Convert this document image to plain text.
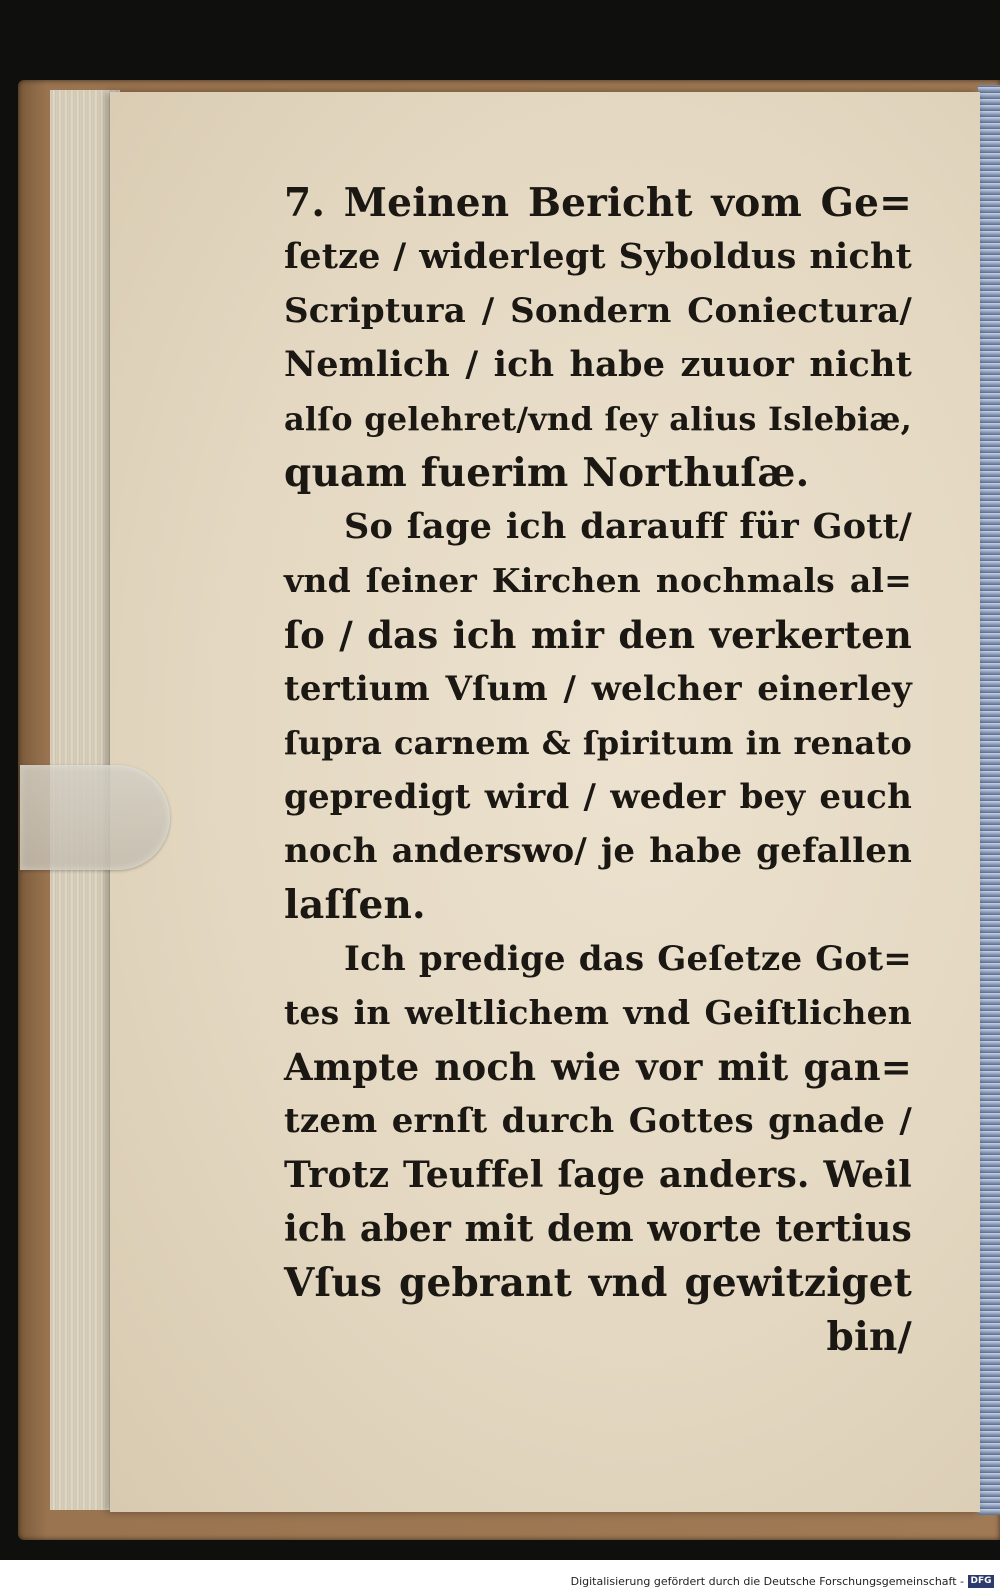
7. Meinen Bericht vom Ge=
ſetze / widerlegt Syboldus nicht
Scriptura / Sondern Coniectura/
Nemlich / ich habe zuuor nicht
alſo gelehret/vnd ſey alius Islebiæ,
quam fuerim Northuſæ.
So ſage ich darauff für Gott/
vnd ſeiner Kirchen nochmals al=
ſo / das ich mir den verkerten
tertium Vſum / welcher einerley
ſupra carnem & ſpiritum in renato
gepredigt wird / weder bey euch
noch anderswo/ je habe gefallen
laſſen.
Ich predige das Geſetze Got=
tes in weltlichem vnd Geiſtlichen
Ampte noch wie vor mit gan=
tzem ernſt durch Gottes gnade /
Trotz Teuffel ſage anders. Weil
ich aber mit dem worte tertius
Vſus gebrant vnd gewitziget
bin/
Digitalisierung gefördert durch die Deutsche Forschungsgemeinschaft - DFG
